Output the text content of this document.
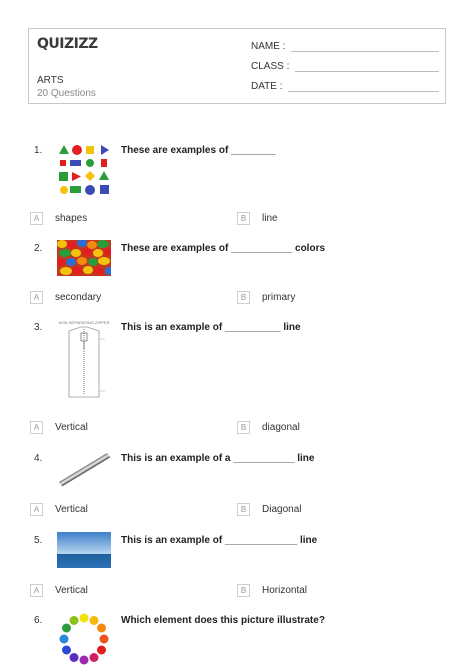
QUIZIZZ
ARTS
20 Questions
NAME :
CLASS :
DATE :
1.	These are examples of ________
A	shapes	B	line
2.	These are examples of ___________ colors
A	secondary	B	primary
3.	NON-SEPARATING ZIPPER This is an example of __________ line
A	Vertical	B	diagonal
4.	This is an example of a ___________ line
A	Vertical	B	Diagonal
5.	This is an example of _____________ line
A	Vertical	B	Horizontal
6.	Which element does this picture illustrate?
